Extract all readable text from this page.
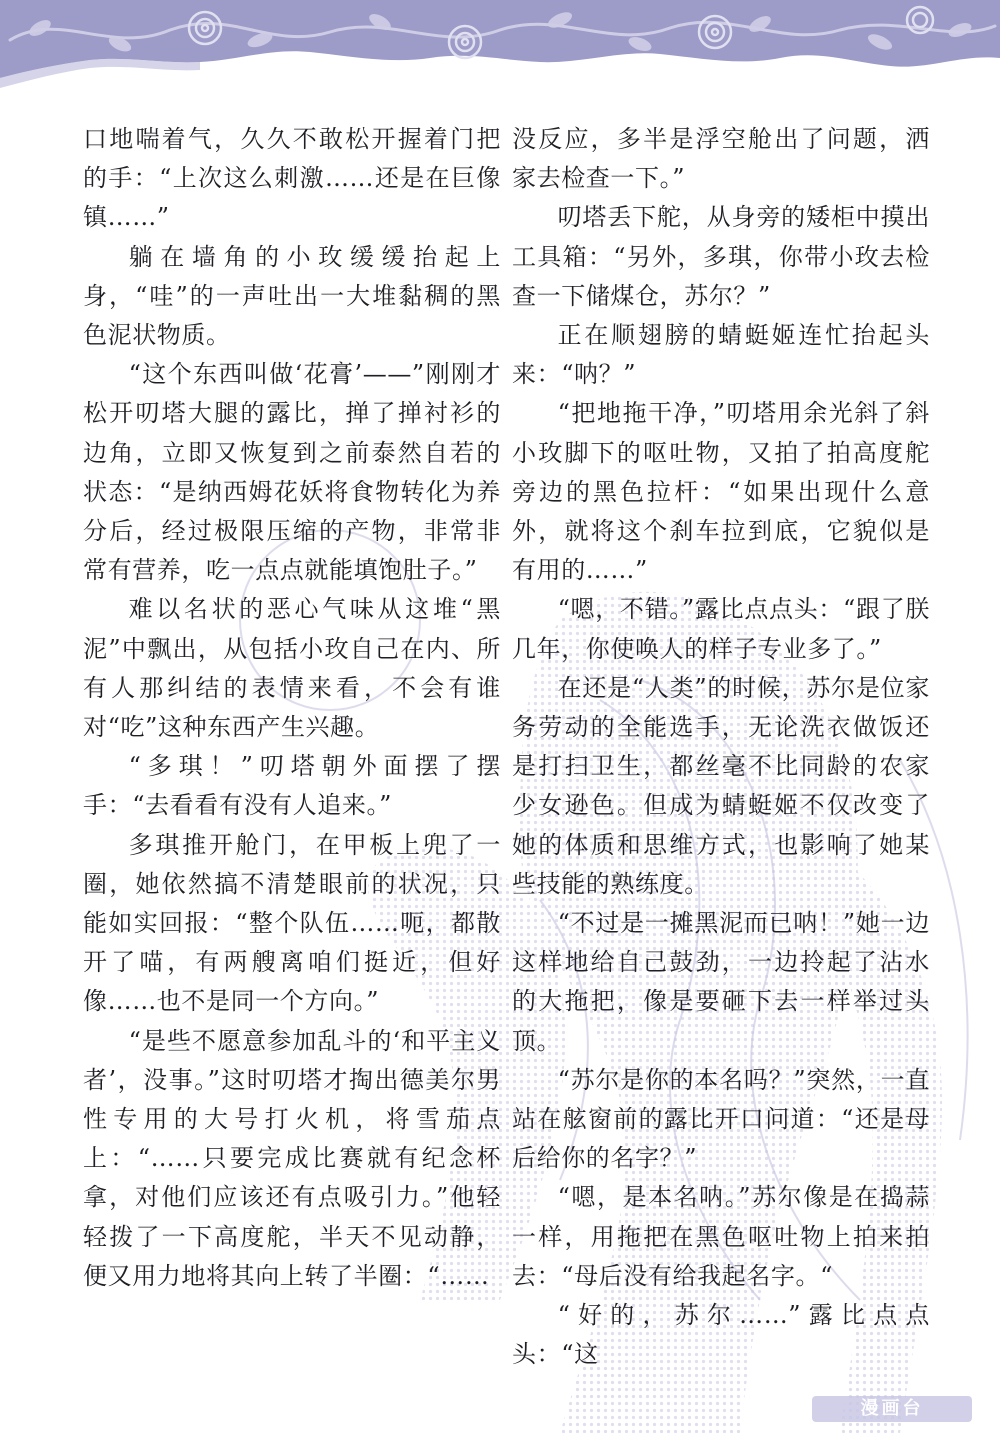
口地喘着气，久久不敢松开握着门把的手：“上次这么刺激……还是在巨像镇……”

躺在墙角的小玫缓缓抬起上身，“哇”的一声吐出一大堆黏稠的黑色泥状物质。

“这个东西叫做‘花膏’——”刚刚才松开叨塔大腿的露比，掸了掸衬衫的边角，立即又恢复到之前泰然自若的状态：“是纳西姆花妖将食物转化为养分后，经过极限压缩的产物，非常非常有营养，吃一点点就能填饱肚子。”

难以名状的恶心气味从这堆“黑泥”中飘出，从包括小玫自己在内、所有人那纠结的表情来看，不会有谁对“吃”这种东西产生兴趣。

“多琪！”叨塔朝外面摆了摆手：“去看看有没有人追来。”

多琪推开舱门，在甲板上兜了一圈，她依然搞不清楚眼前的状况，只能如实回报：“整个队伍……呃，都散开了喵，有两艘离咱们挺近，但好像……也不是同一个方向。”

“是些不愿意参加乱斗的‘和平主义者’，没事。”这时叨塔才掏出德美尔男性专用的大号打火机，将雪茄点上：“……只要完成比赛就有纪念杯拿，对他们应该还有点吸引力。”他轻轻拨了一下高度舵，半天不见动静，便又用力地将其向上转了半圈：“……

没反应，多半是浮空舱出了问题，洒家去检查一下。”

叨塔丢下舵，从身旁的矮柜中摸出工具箱：“另外，多琪，你带小玫去检查一下储煤仓，苏尔？”

正在顺翅膀的蜻蜓姬连忙抬起头来：“呐？”

“把地拖干净，”叨塔用余光斜了斜小玫脚下的呕吐物，又拍了拍高度舵旁边的黑色拉杆：“如果出现什么意外，就将这个刹车拉到底，它貌似是有用的……”

“嗯，不错。”露比点点头：“跟了朕几年，你使唤人的样子专业多了。”

在还是“人类”的时候，苏尔是位家务劳动的全能选手，无论洗衣做饭还是打扫卫生，都丝毫不比同龄的农家少女逊色。但成为蜻蜓姬不仅改变了她的体质和思维方式，也影响了她某些技能的熟练度。

“不过是一摊黑泥而已呐！”她一边这样地给自己鼓劲，一边拎起了沾水的大拖把，像是要砸下去一样举过头顶。

“苏尔是你的本名吗？”突然，一直站在舷窗前的露比开口问道：“还是母后给你的名字？”

“嗯，是本名呐。”苏尔像是在捣蒜一样，用拖把在黑色呕吐物上拍来拍去：“母后没有给我起名字。“

“好的，苏尔……”露比点点头：“这

漫画台
